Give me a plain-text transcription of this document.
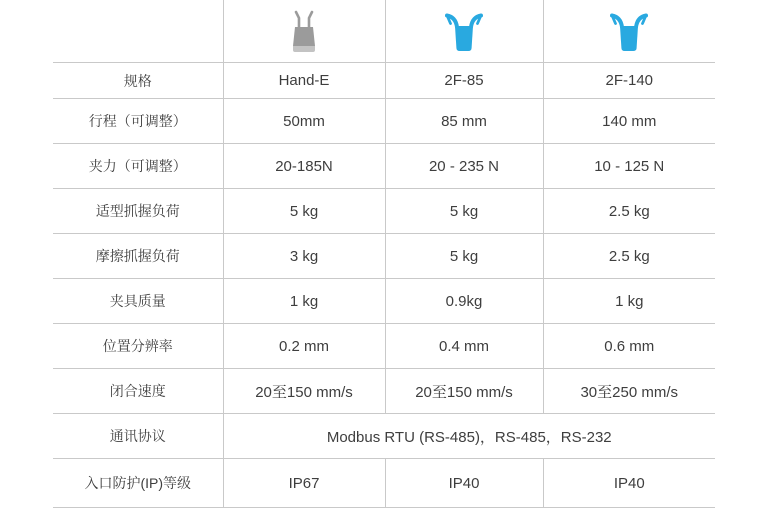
规格	Hand-E	2F-85	2F-140
行程（可调整）	50mm	85 mm	140 mm
夹力（可调整）	20-185N	20 - 235 N	10 - 125 N
适型抓握负荷	5 kg	5 kg	2.5 kg
摩擦抓握负荷	3 kg	5 kg	2.5 kg
夹具质量	1 kg	0.9kg	1 kg
位置分辨率	0.2 mm	0.4 mm	0.6 mm
闭合速度	20至150 mm/s	20至150 mm/s	30至250 mm/s
通讯协议	Modbus RTU (RS-485)，RS-485，RS-232		
入口防护(IP)等级	IP67	IP40	IP40
